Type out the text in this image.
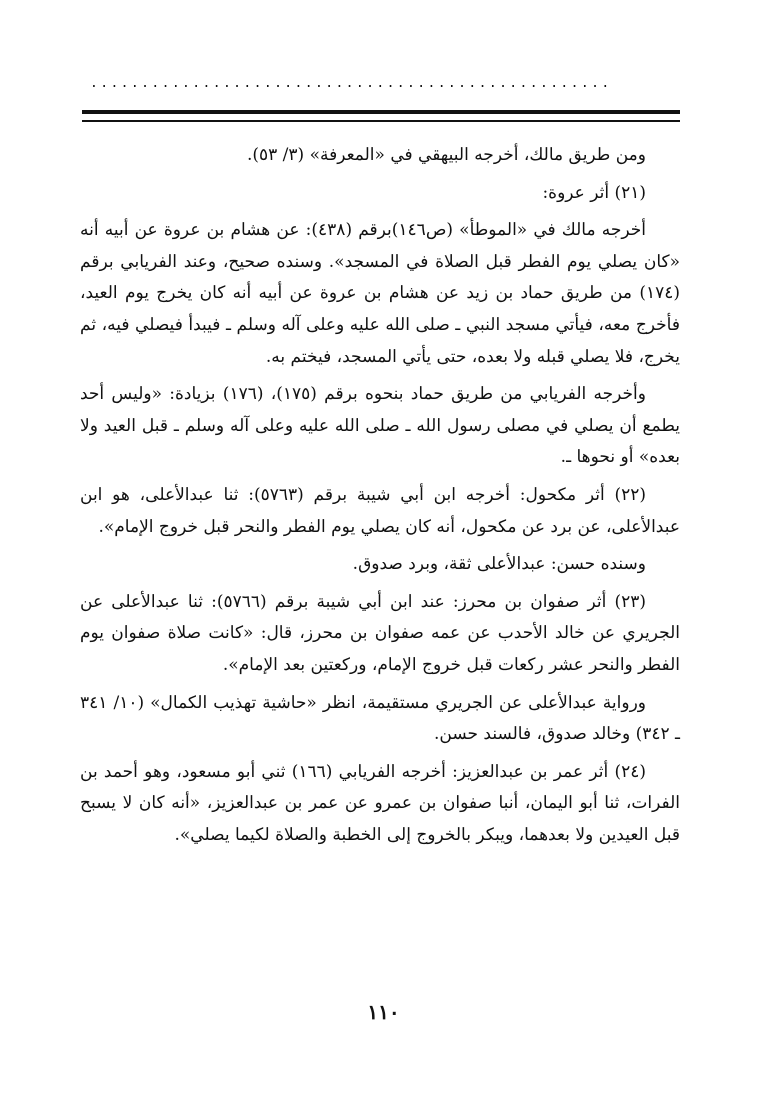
...................................................

ومن طريق مالك، أخرجه البيهقي في «المعرفة» (٣/ ٥٣).

(٢١) أثر عروة:

أخرجه مالك في «الموطأ» (ص١٤٦)برقم (٤٣٨): عن هشام بن عروة عن أبيه أنه «كان يصلي يوم الفطر قبل الصلاة في المسجد». وسنده صحيح، وعند الفريابي برقم (١٧٤) من طريق حماد بن زيد عن هشام بن عروة عن أبيه أنه كان يخرج يوم العيد، فأخرج معه، فيأتي مسجد النبي ـ صلى الله عليه وعلى آله وسلم ـ فيبدأ فيصلي فيه، ثم يخرج، فلا يصلي قبله ولا بعده، حتى يأتي المسجد، فيختم به.

وأخرجه الفريابي من طريق حماد بنحوه برقم (١٧٥)، (١٧٦) بزيادة: «وليس أحد يطمع أن يصلي في مصلى رسول الله ـ صلى الله عليه وعلى آله وسلم ـ قبل العيد ولا بعده» أو نحوها ـ.

(٢٢) أثر مكحول: أخرجه ابن أبي شيبة برقم (٥٧٦٣): ثنا عبدالأعلى، هو ابن عبدالأعلى، عن برد عن مكحول، أنه كان يصلي يوم الفطر والنحر قبل خروج الإمام».

وسنده حسن: عبدالأعلى ثقة، وبرد صدوق.

(٢٣) أثر صفوان بن محرز: عند ابن أبي شيبة برقم (٥٧٦٦): ثنا عبدالأعلى عن الجريري عن خالد الأحدب عن عمه صفوان بن محرز، قال: «كانت صلاة صفوان يوم الفطر والنحر عشر ركعات قبل خروج الإمام، وركعتين بعد الإمام».

ورواية عبدالأعلى عن الجريري مستقيمة، انظر «حاشية تهذيب الكمال» (١٠/ ٣٤١ ـ ٣٤٢) وخالد صدوق، فالسند حسن.

(٢٤) أثر عمر بن عبدالعزيز: أخرجه الفريابي (١٦٦) ثني أبو مسعود، وهو أحمد بن الفرات، ثنا أبو اليمان، أنبا صفوان بن عمرو عن عمر بن عبدالعزيز، «أنه كان لا يسبح قبل العيدين ولا بعدهما، ويبكر بالخروج إلى الخطبة والصلاة لكيما يصلي».

١١٠
